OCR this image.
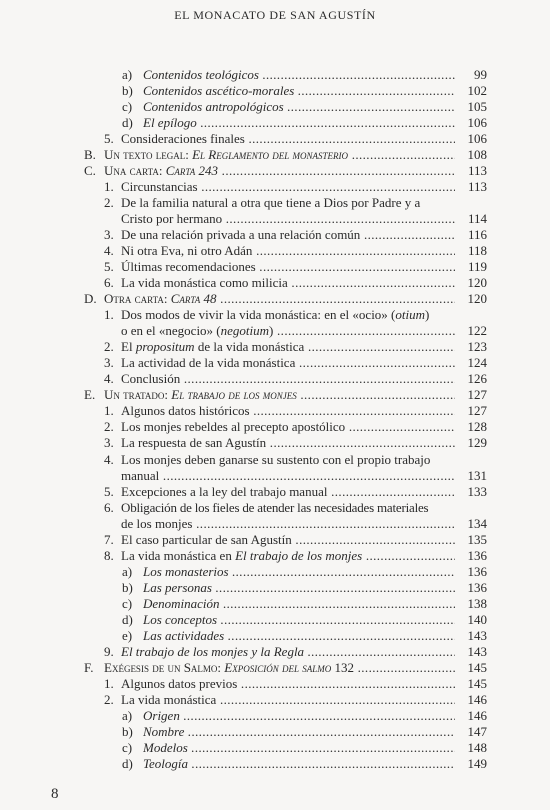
EL MONACATO DE SAN AGUSTÍN
a) Contenidos teológicos .....	99
b) Contenidos ascético-morales .....	102
c) Contenidos antropológicos .....	105
d) El epílogo .....	106
5. Consideraciones finales .....	106
B. Un texto legal: El Reglamento del monasterio .....	108
C. Una carta: Carta 243 .....	113
1. Circunstancias .....	113
2. De la familia natural a otra que tiene a Dios por Padre y a
Cristo por hermano .....	114
3. De una relación privada a una relación común .....	116
4. Ni otra Eva, ni otro Adán .....	118
5. Últimas recomendaciones .....	119
6. La vida monástica como milicia .....	120
D. Otra carta: Carta 48 .....	120
1. Dos modos de vivir la vida monástica: en el «ocio» (otium)
o en el «negocio» (negotium) .....	122
2. El propositum de la vida monástica .....	123
3. La actividad de la vida monástica .....	124
4. Conclusión .....	126
E. Un tratado: El trabajo de los monjes .....	127
1. Algunos datos históricos .....	127
2. Los monjes rebeldes al precepto apostólico .....	128
3. La respuesta de san Agustín .....	129
4. Los monjes deben ganarse su sustento con el propio trabajo
manual .....	131
5. Excepciones a la ley del trabajo manual .....	133
6. Obligación de los fieles de atender las necesidades materiales
de los monjes .....	134
7. El caso particular de san Agustín .....	135
8. La vida monástica en El trabajo de los monjes .....	136
a) Los monasterios .....	136
b) Las personas .....	136
c) Denominación .....	138
d) Los conceptos .....	140
e) Las actividades .....	143
9. El trabajo de los monjes y la Regla .....	143
F. Exégesis de un Salmo: Exposición del salmo 132 .....	145
1. Algunos datos previos .....	145
2. La vida monástica .....	146
a) Origen .....	146
b) Nombre .....	147
c) Modelos .....	148
d) Teología .....	149
8
